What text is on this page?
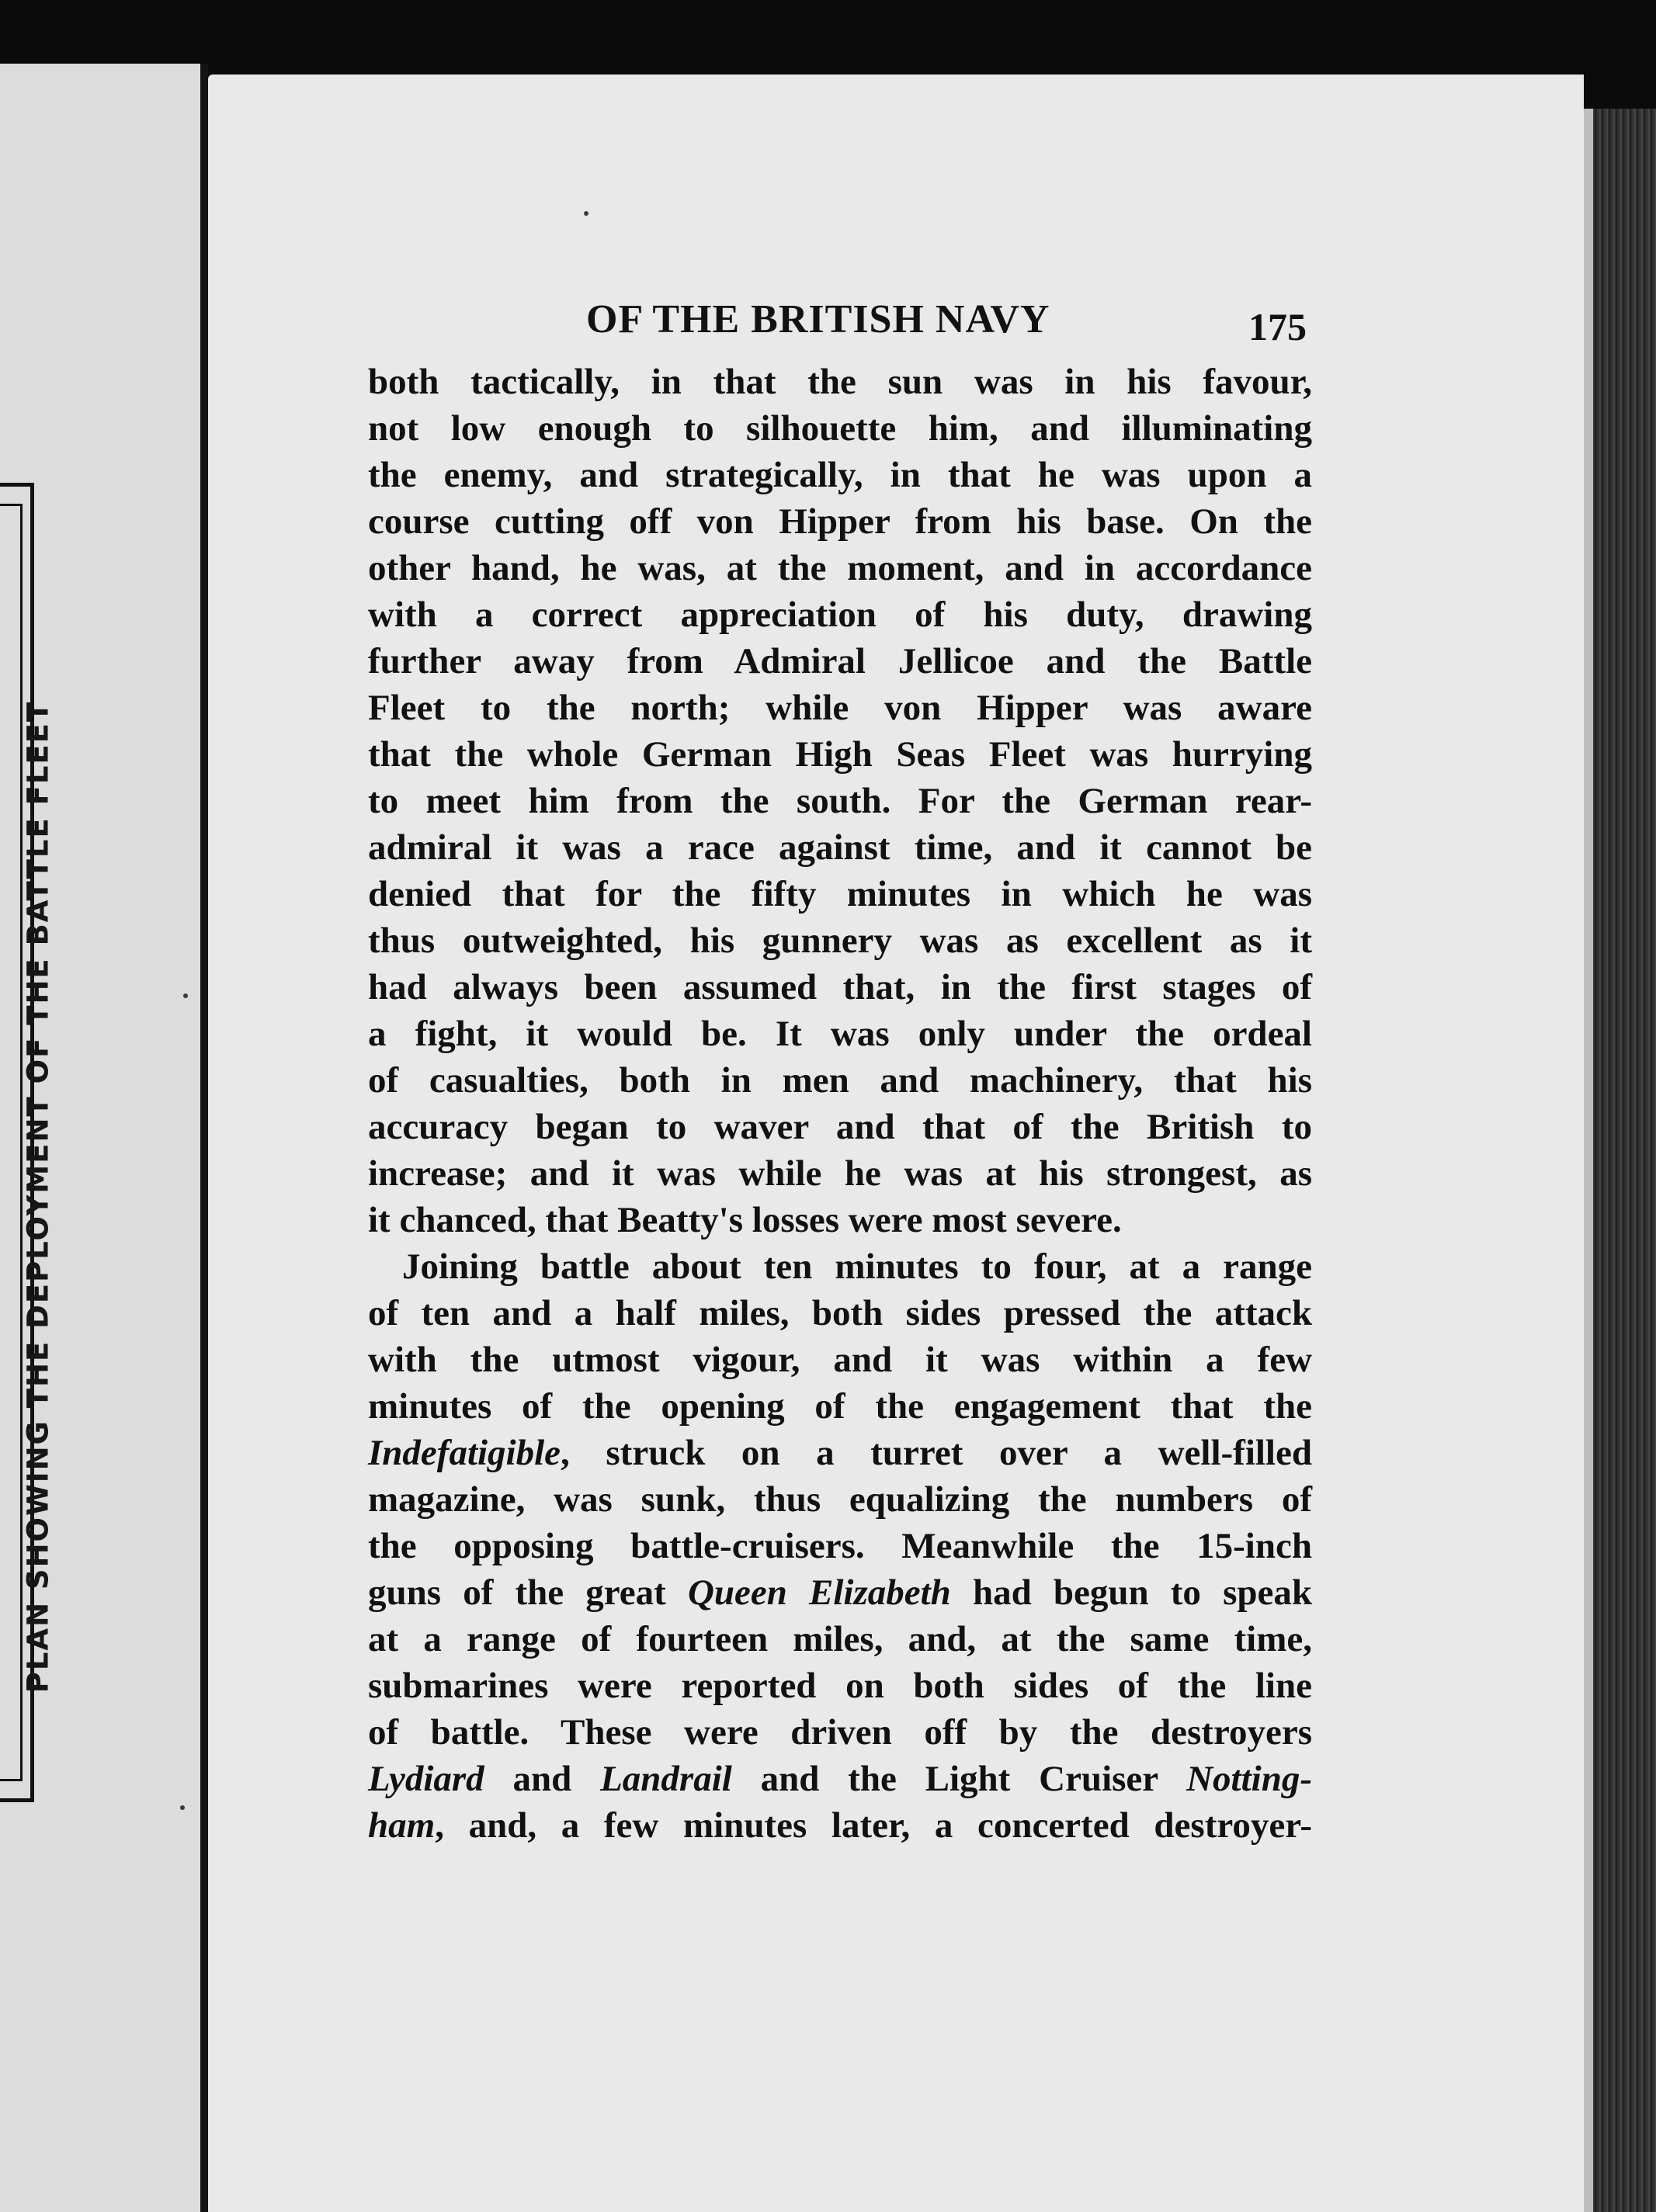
PLAN SHOWING THE DEPLOYMENT OF THE BATTLE FLEET
OF THE BRITISH NAVY	175
both tactically, in that the sun was in his favour,
not low enough to silhouette him, and illuminating
the enemy, and strategically, in that he was upon a
course cutting off von Hipper from his base. On the
other hand, he was, at the moment, and in accordance
with a correct appreciation of his duty, drawing
further away from Admiral Jellicoe and the Battle
Fleet to the north; while von Hipper was aware
that the whole German High Seas Fleet was hurrying
to meet him from the south. For the German rear-
admiral it was a race against time, and it cannot be
denied that for the fifty minutes in which he was
thus outweighted, his gunnery was as excellent as it
had always been assumed that, in the first stages of
a fight, it would be. It was only under the ordeal
of casualties, both in men and machinery, that his
accuracy began to waver and that of the British to
increase; and it was while he was at his strongest, as
it chanced, that Beatty's losses were most severe.
Joining battle about ten minutes to four, at a range
of ten and a half miles, both sides pressed the attack
with the utmost vigour, and it was within a few
minutes of the opening of the engagement that the
Indefatigible, struck on a turret over a well-filled
magazine, was sunk, thus equalizing the numbers of
the opposing battle-cruisers. Meanwhile the 15-inch
guns of the great Queen Elizabeth had begun to speak
at a range of fourteen miles, and, at the same time,
submarines were reported on both sides of the line
of battle. These were driven off by the destroyers
Lydiard and Landrail and the Light Cruiser Notting-
ham, and, a few minutes later, a concerted destroyer-
